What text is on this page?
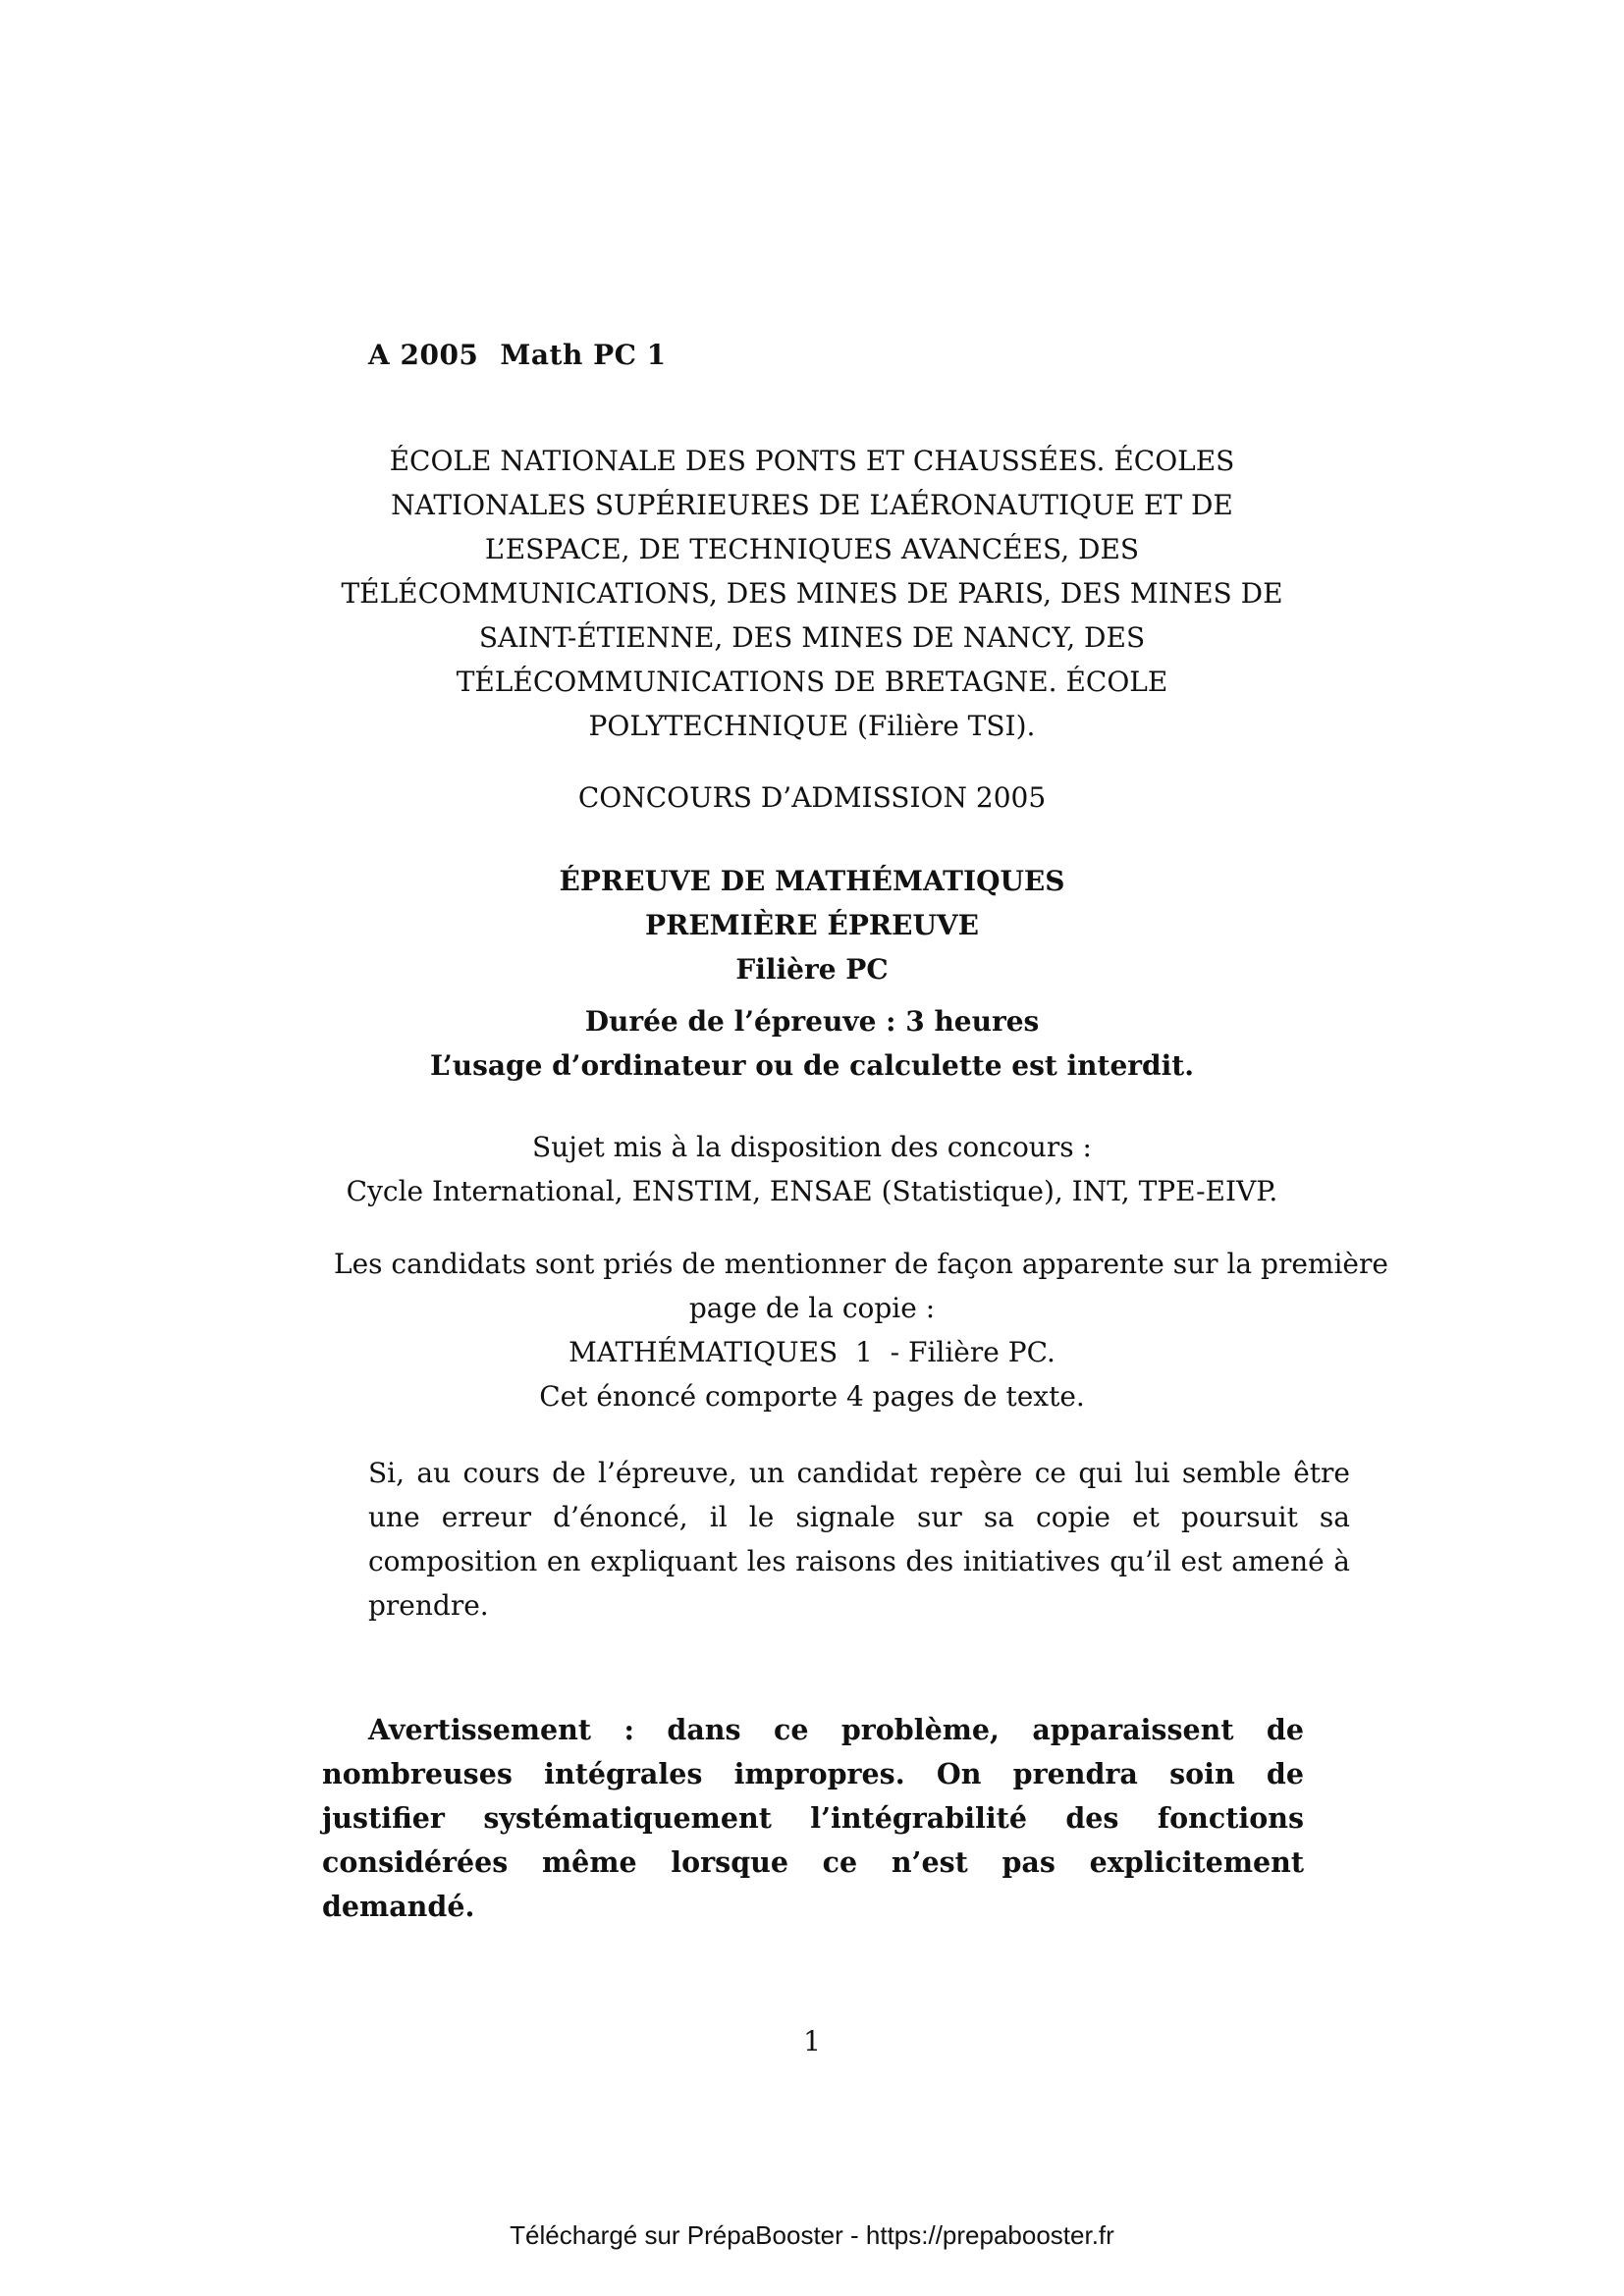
A 2005 Math PC 1
ÉCOLE NATIONALE DES PONTS ET CHAUSSÉES. ÉCOLES
NATIONALES SUPÉRIEURES DE L’AÉRONAUTIQUE ET DE
L’ESPACE, DE TECHNIQUES AVANCÉES, DES
TÉLÉCOMMUNICATIONS, DES MINES DE PARIS, DES MINES DE
SAINT-ÉTIENNE, DES MINES DE NANCY, DES
TÉLÉCOMMUNICATIONS DE BRETAGNE. ÉCOLE
POLYTECHNIQUE (Filière TSI).
CONCOURS D’ADMISSION 2005
ÉPREUVE DE MATHÉMATIQUES
PREMIÈRE ÉPREUVE
Filière PC
Durée de l’épreuve : 3 heures
L’usage d’ordinateur ou de calculette est interdit.
Sujet mis à la disposition des concours :
Cycle International, ENSTIM, ENSAE (Statistique), INT, TPE-EIVP.
Les candidats sont priés de mentionner de façon apparente sur la première
page de la copie :
MATHÉMATIQUES  1  - Filière PC.
Cet énoncé comporte 4 pages de texte.
Si, au cours de l’épreuve, un candidat repère ce qui lui semble être une erreur d’énoncé, il le signale sur sa copie et poursuit sa composition en expliquant les raisons des initiatives qu’il est amené à prendre.
Avertissement : dans ce problème, apparaissent de nombreuses intégrales impropres. On prendra soin de justifier systématiquement l’intégrabilité des fonctions considérées même lorsque ce n’est pas explicitement demandé.
1
Téléchargé sur PrépaBooster - https://prepabooster.fr
